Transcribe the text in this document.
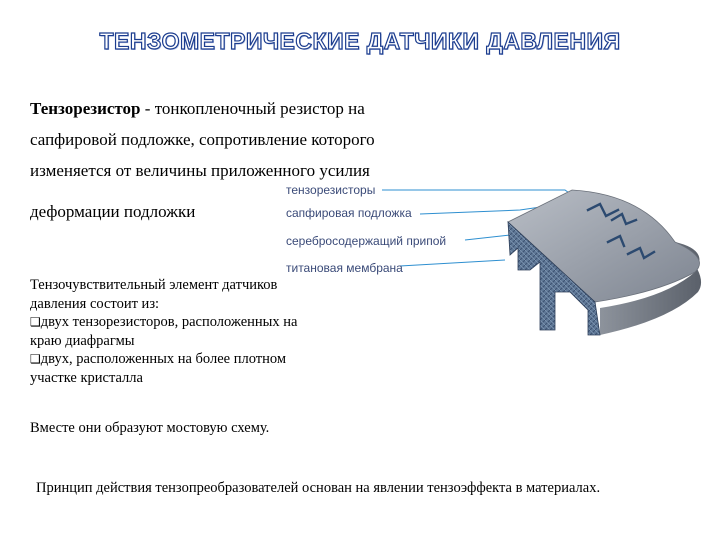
ТЕНЗОМЕТРИЧЕСКИЕ ДАТЧИКИ ДАВЛЕНИЯ
Тензорезистор - тонкопленочный резистор на
сапфировой подложке, сопротивление которого
изменяется от величины приложенного усилия
деформации подложки
тензорезисторы
сапфировая подложка
серебросодержащий припой
титановая мембрана
Тензочувствительный элемент датчиков
давления состоит из:
❑двух тензорезисторов, расположенных на
краю диафрагмы
❑двух, расположенных на более плотном
участке кристалла
Вместе они образуют мостовую схему.
Принцип действия тензопреобразователей основан на явлении тензоэффекта в материалах.
